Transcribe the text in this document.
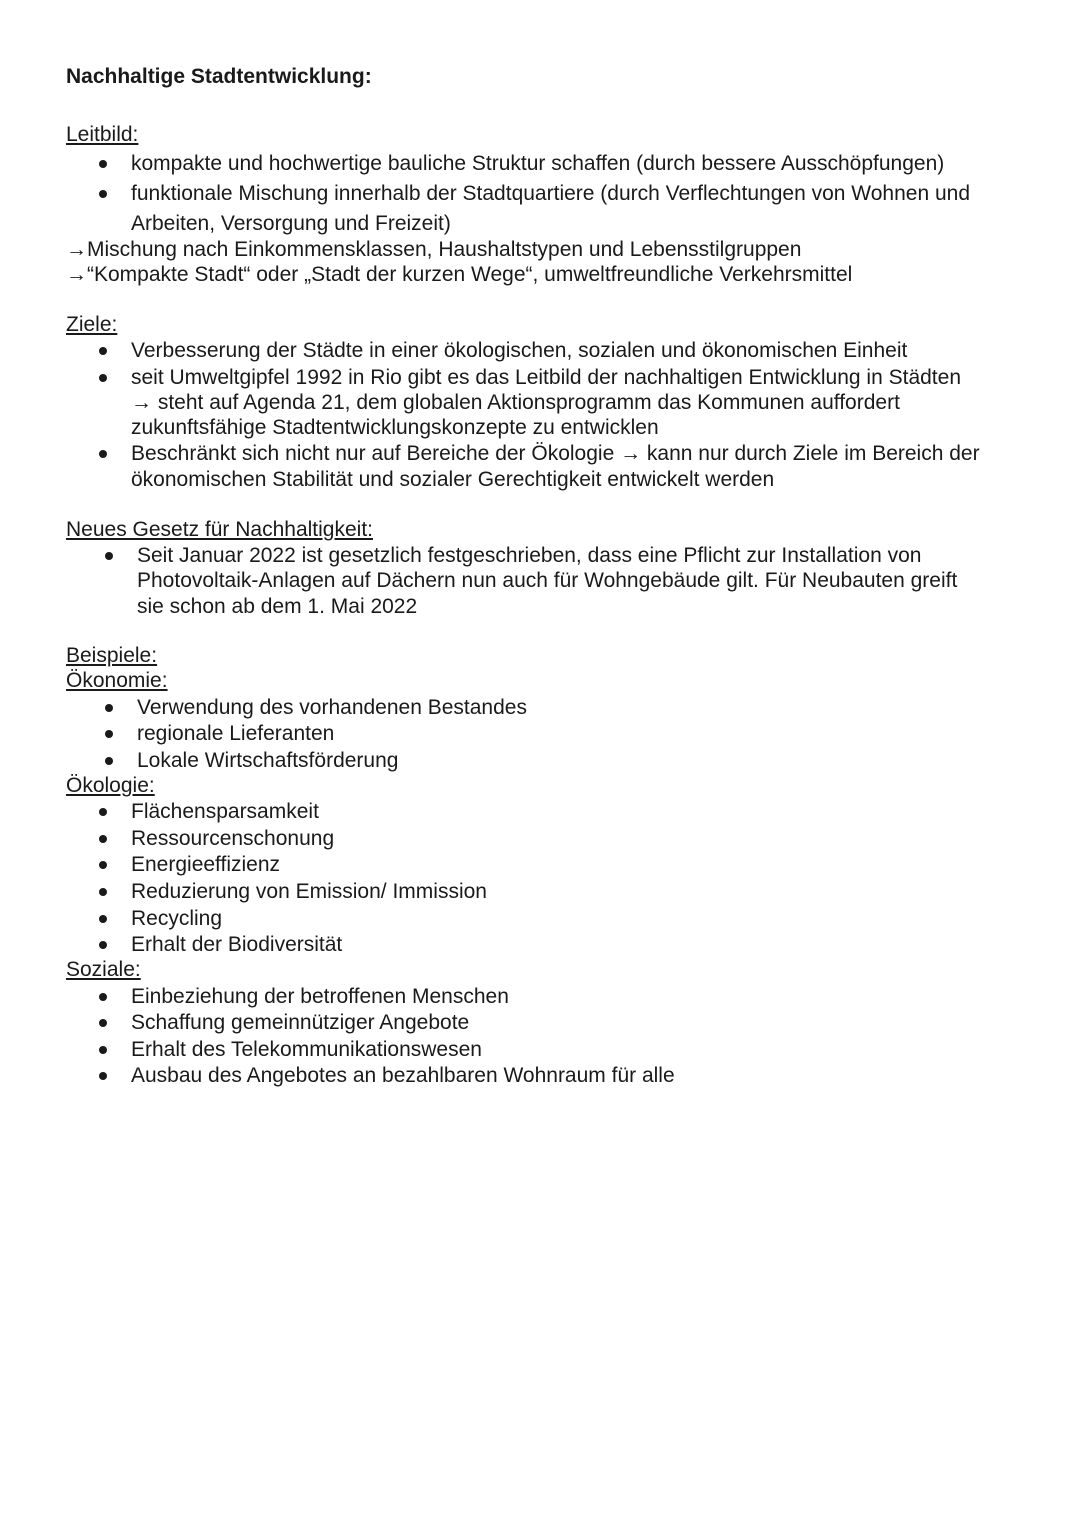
Nachhaltige Stadtentwicklung:

Leitbild:

kompakte und hochwertige bauliche Struktur schaffen (durch bessere Ausschöpfungen)
funktionale Mischung innerhalb der Stadtquartiere (durch Verflechtungen von Wohnen und
Arbeiten, Versorgung und Freizeit)
→Mischung nach Einkommensklassen, Haushaltstypen und Lebensstilgruppen
→“Kompakte Stadt“ oder „Stadt der kurzen Wege“, umweltfreundliche Verkehrsmittel

Ziele:

Verbesserung der Städte in einer ökologischen, sozialen und ökonomischen Einheit
seit Umweltgipfel 1992 in Rio gibt es das Leitbild der nachhaltigen Entwicklung in Städten
→ steht auf Agenda 21, dem globalen Aktionsprogramm das Kommunen auffordert
zukunftsfähige Stadtentwicklungskonzepte zu entwicklen
Beschränkt sich nicht nur auf Bereiche der Ökologie → kann nur durch Ziele im Bereich der
ökonomischen Stabilität und sozialer Gerechtigkeit entwickelt werden

Neues Gesetz für Nachhaltigkeit:

Seit Januar 2022 ist gesetzlich festgeschrieben, dass eine Pflicht zur Installation von
Photovoltaik-Anlagen auf Dächern nun auch für Wohngebäude gilt. Für Neubauten greift
sie schon ab dem 1. Mai 2022

Beispiele:

Ökonomie:

Verwendung des vorhandenen Bestandes
regionale Lieferanten
Lokale Wirtschaftsförderung

Ökologie:

Flächensparsamkeit
Ressourcenschonung
Energieeffizienz
Reduzierung von Emission/ Immission
Recycling
Erhalt der Biodiversität

Soziale:

Einbeziehung der betroffenen Menschen
Schaffung gemeinnütziger Angebote
Erhalt des Telekommunikationswesen
Ausbau des Angebotes an bezahlbaren Wohnraum für alle
